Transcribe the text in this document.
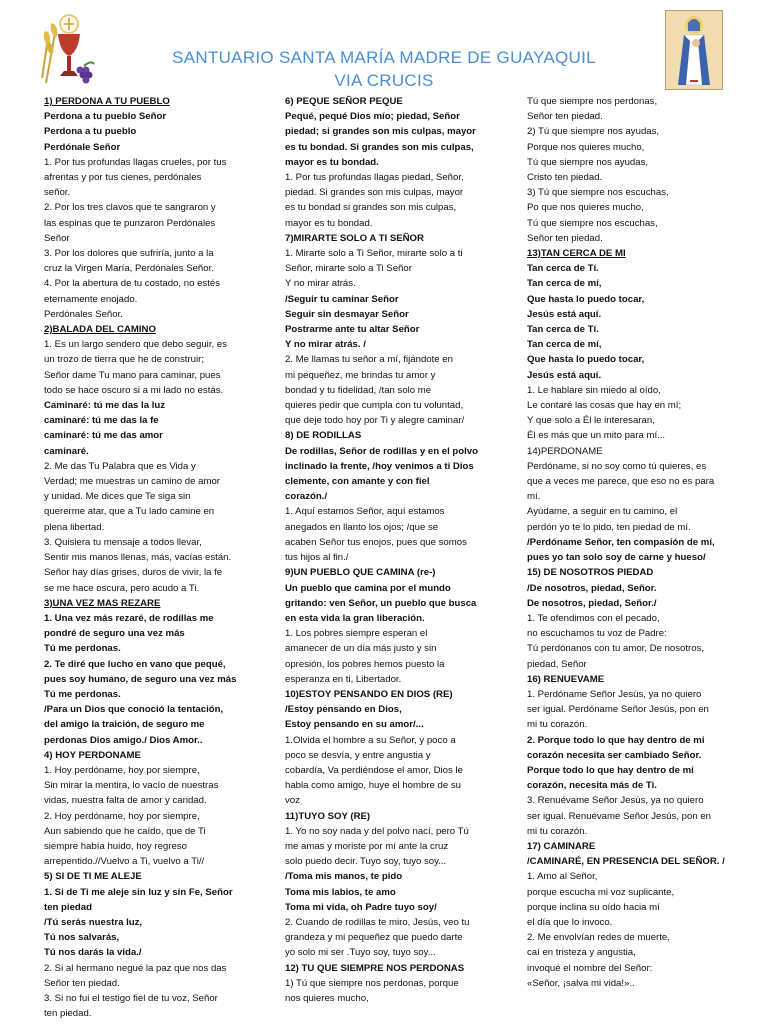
SANTUARIO SANTA MARÍA MADRE DE GUAYAQUIL
VIA CRUCIS

1) PERDONA A TU PUEBLO

Perdona a tu pueblo Señor

Perdona a tu pueblo

Perdónale Señor

1. Por tus profundas llagas crueles, por tus

afrentas y por tus cienes, perdónales

señor.

2. Por los tres clavos que te sangraron y

las espinas que te punzaron Perdónales

Señor

3. Por los dolores que sufriría, junto a la

cruz la Virgen María, Perdónales Señor.

4. Por la abertura de tu costado, no estés

eternamente enojado.

Perdónales Señor.

2)BALADA DEL CAMINO

1. Es un largo sendero que debo seguir, es

un trozo de tierra que he de construir;

Señor dame Tu mano para caminar, pues

todo se hace oscuro si a mi lado no estás.

Caminaré: tú me das la luz

caminaré: tú me das la fe

caminaré: tú me das amor

caminaré.

2. Me das Tu Palabra que es Vida y

Verdad; me muestras un camino de amor

y unidad. Me dices que Te siga sin

quererme atar, que a Tu lado camine en

plena libertad.

3. Quisiera tu mensaje a todos llevar,

Sentir mis manos llenas, más, vacías están.

Señor hay días grises, duros de vivir, la fe

se me hace oscura, pero acudo a Ti.

3)UNA VEZ MAS REZARE

1. Una vez más rezaré, de rodillas me

pondré de seguro una vez más

Tú me perdonas.

2. Te diré que lucho en vano que pequé,

pues soy humano, de seguro una vez más

Tú me perdonas.

/Para un Dios que conoció la tentación,

del amigo la traición, de seguro me

perdonas Dios amigo./ Dios Amor..

4) HOY PERDONAME

1. Hoy perdóname, hoy por siempre,

Sin mirar la mentira, lo vacío de nuestras

vidas, nuestra falta de amor y caridad.

2. Hoy perdóname, hoy por siempre,

Aun sabiendo que he caído, que de Ti

siempre había huido, hoy regreso

arrepentido.//Vuelvo a Ti, vuelvo a Ti//

5) SI DE TI ME ALEJE

1. Si de Ti me aleje sin luz y sin Fe, Señor

ten piedad

/Tú serás nuestra luz,

Tú nos salvarás,

Tú nos darás la vida./

2. Si al hermano negué la paz que nos das

Señor ten piedad.

3. Si no fui el testigo fiel de tu voz, Señor

ten piedad.

6) PEQUE SEÑOR PEQUE

Pequé, pequé Dios mío; piedad, Señor

piedad; si grandes son mis culpas, mayor

es tu bondad. Si grandes son mis culpas,

mayor es tu bondad.

1. Por tus profundas llagas piedad, Señor,

piedad. Si grandes son mis culpas, mayor

es tu bondad si grandes son mis culpas,

mayor es tu bondad.

7)MIRARTE SOLO A TI SEÑOR

1. Mirarte solo a Ti Señor, mirarte solo a ti

Señor, mirarte solo a Ti Señor

Y no mirar atrás.

/Seguir tu caminar Señor

Seguir sin desmayar Señor

Postrarme ante tu altar Señor

Y no mirar atrás. /

2. Me llamas tu señor a mí, fijándote en

mi pequeñez, me brindas tu amor y

bondad y tu fidelidad, /tan solo me

quieres pedir que cumpla con tu voluntad,

que deje todo hoy por Ti y alegre caminar/

8) DE RODILLAS

De rodillas, Señor de rodillas y en el polvo

inclinado la frente, /hoy venimos a ti Dios

clemente, con amante y con fiel

corazón./

1. Aquí estamos Señor, aquí estamos

anegados en llanto los ojos; /que se

acaben Señor tus enojos, pues que somos

tus hijos al fin./

9)UN PUEBLO QUE CAMINA (re-)

Un pueblo que camina por el mundo

gritando: ven Señor, un pueblo que busca

en esta vida la gran liberación.

1. Los pobres siempre esperan el

amanecer de un día más justo y sin

opresión, los pobres hemos puesto la

esperanza en ti, Libertador.

10)ESTOY PENSANDO EN DIOS (RE)

/Estoy pensando en Dios,

Estoy pensando en su amor/...

1.Olvida el hombre a su Señor, y poco a

poco se desvía, y entre angustia y

cobardía, Va perdiéndose el amor, Dios le

habla como amigo, huye el hombre de su

voz

11)TUYO SOY (RE)

1. Yo no soy nada y del polvo nací, pero Tú

me amas y moriste por mí ante la cruz

solo puedo decir. Tuyo soy, tuyo soy...

/Toma mis manos, te pido

Toma mis labios, te amo

Toma mi vida, oh Padre tuyo soy/

2. Cuando de rodillas te miro, Jesús, veo tu

grandeza y mi pequeñez que puedo darte

yo solo mi ser .Tuyo soy, tuyo soy...

12) TU QUE SIEMPRE NOS PERDONAS

1) Tú que siempre nos perdonas, porque

nos quieres mucho,

Tú que siempre nos perdonas,

Señor ten piedad.

2) Tú que siempre nos ayudas,

Porque nos quieres mucho,

Tú que siempre nos ayudas,

Cristo ten piedad.

3) Tú que siempre nos escuchas,

Po que nos quieres mucho,

Tú que siempre nos escuchas,

Señor ten piedad.

13)TAN CERCA DE MI

Tan cerca de Tí.

Tan cerca de mí,

Que hasta lo puedo tocar,

Jesús está aquí.

Tan cerca de Tí.

Tan cerca de mí,

Que hasta lo puedo tocar,

Jesús está aquí.

1. Le hablare sin miedo al oído,

Le contaré las cosas que hay en mí;

Y que solo a Él le interesaran,

Él es más que un mito para mí...

14)PERDONAME

Perdóname, si no soy como tú quieres, es

que a veces me parece, que eso no es para

mí.

Ayúdame, a seguir en tu camino, el

perdón yo te lo pido, ten piedad de mí.

/Perdóname Señor, ten compasión de mí,

pues yo tan solo soy de carne y hueso/

15) DE NOSOTROS PIEDAD

/De nosotros, piedad, Señor.

De nosotros, piedad, Señor./

1. Te ofendimos con el pecado,

no escuchamos tu voz de Padre:

Tú perdónanos con tu amor, De nosotros,

piedad, Señor

16) RENUEVAME

1. Perdóname Señor Jesús, ya no quiero

ser igual. Perdóname Señor Jesús, pon en

mi tu corazón.

2. Porque todo lo que hay dentro de mi

corazón necesita ser cambiado Señor.

Porque todo lo que hay dentro de mi

corazón, necesita más de Ti.

3. Renuévame Señor Jesús, ya no quiero

ser igual. Renuévame Señor Jesús, pon en

mi tu corazón.

17) CAMINARE

/CAMINARÉ, EN PRESENCIA DEL SEÑOR. /

1. Amo al Señor,

porque escucha mi voz suplicante,

porque inclina su oído hacia mí

el día que lo invoco.

2. Me envolvían redes de muerte,

caí en tristeza y angustia,

invoqué el nombre del Señor:

«Señor, ¡salva mi vida!»..
